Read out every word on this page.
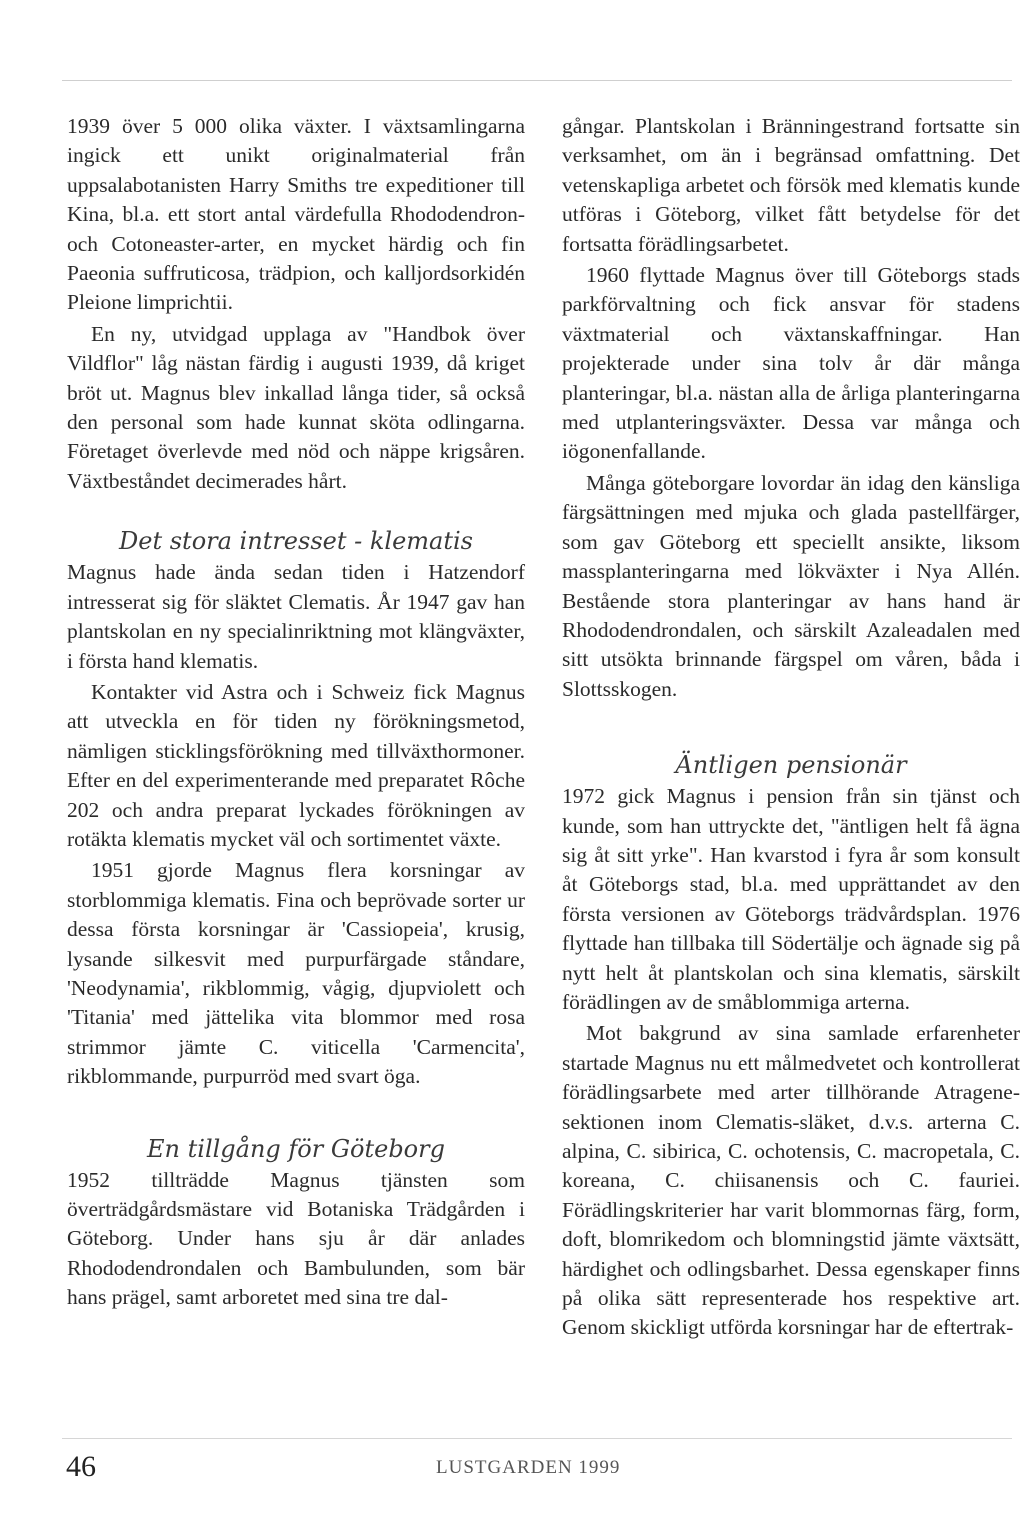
1939 över 5 000 olika växter. I växtsamlingarna ingick ett unikt originalmaterial från uppsalabotanisten Harry Smiths tre expeditioner till Kina, bl.a. ett stort antal värdefulla Rhododendron- och Cotoneaster-arter, en mycket härdig och fin Paeonia suffruticosa, trädpion, och kalljordsorkidén Pleione limprichtii.

En ny, utvidgad upplaga av "Handbok över Vildflor" låg nästan färdig i augusti 1939, då kriget bröt ut. Magnus blev inkallad långa tider, så också den personal som hade kunnat sköta odlingarna. Företaget överlevde med nöd och näppe krigsåren. Växtbeståndet decimerades hårt.

Det stora intresset - klematis

Magnus hade ända sedan tiden i Hatzendorf intresserat sig för släktet Clematis. År 1947 gav han plantskolan en ny specialinriktning mot klängväxter, i första hand klematis.

Kontakter vid Astra och i Schweiz fick Magnus att utveckla en för tiden ny förökningsmetod, nämligen sticklingsförökning med tillväxthormoner. Efter en del experimenterande med preparatet Rôche 202 och andra preparat lyckades förökningen av rotäkta klematis mycket väl och sortimentet växte.

1951 gjorde Magnus flera korsningar av storblommiga klematis. Fina och beprövade sorter ur dessa första korsningar är 'Cassiopeia', krusig, lysande silkesvit med purpurfärgade ståndare, 'Neodynamia', rikblommig, vågig, djupviolett och 'Titania' med jättelika vita blommor med rosa strimmor jämte C. viticella 'Carmencita', rikblommande, purpurröd med svart öga.

En tillgång för Göteborg

1952 tillträdde Magnus tjänsten som överträdgårdsmästare vid Botaniska Trädgården i Göteborg. Under hans sju år där anlades Rhododendrondalen och Bambulunden, som bär hans prägel, samt arboretet med sina tre dal-

gångar. Plantskolan i Bränningestrand fortsatte sin verksamhet, om än i begränsad omfattning. Det vetenskapliga arbetet och försök med klematis kunde utföras i Göteborg, vilket fått betydelse för det fortsatta förädlingsarbetet.

1960 flyttade Magnus över till Göteborgs stads parkförvaltning och fick ansvar för stadens växtmaterial och växtanskaffningar. Han projekterade under sina tolv år där många planteringar, bl.a. nästan alla de årliga planteringarna med utplanteringsväxter. Dessa var många och iögonenfallande.

Många göteborgare lovordar än idag den känsliga färgsättningen med mjuka och glada pastellfärger, som gav Göteborg ett speciellt ansikte, liksom massplanteringarna med lökväxter i Nya Allén. Bestående stora planteringar av hans hand är Rhododendrondalen, och särskilt Azaleadalen med sitt utsökta brinnande färgspel om våren, båda i Slottsskogen.

Äntligen pensionär

1972 gick Magnus i pension från sin tjänst och kunde, som han uttryckte det, "äntligen helt få ägna sig åt sitt yrke". Han kvarstod i fyra år som konsult åt Göteborgs stad, bl.a. med upprättandet av den första versionen av Göteborgs trädvårdsplan. 1976 flyttade han tillbaka till Södertälje och ägnade sig på nytt helt åt plantskolan och sina klematis, särskilt förädlingen av de småblommiga arterna.

Mot bakgrund av sina samlade erfarenheter startade Magnus nu ett målmedvetet och kontrollerat förädlingsarbete med arter tillhörande Atragene-sektionen inom Clematis-släket, d.v.s. arterna C. alpina, C. sibirica, C. ochotensis, C. macropetala, C. koreana, C. chiisanensis och C. fauriei. Förädlingskriterier har varit blommornas färg, form, doft, blomrikedom och blomningstid jämte växtsätt, härdighet och odlingsbarhet. Dessa egenskaper finns på olika sätt representerade hos respektive art. Genom skickligt utförda korsningar har de eftertrak-

46	LUSTGARDEN 1999
